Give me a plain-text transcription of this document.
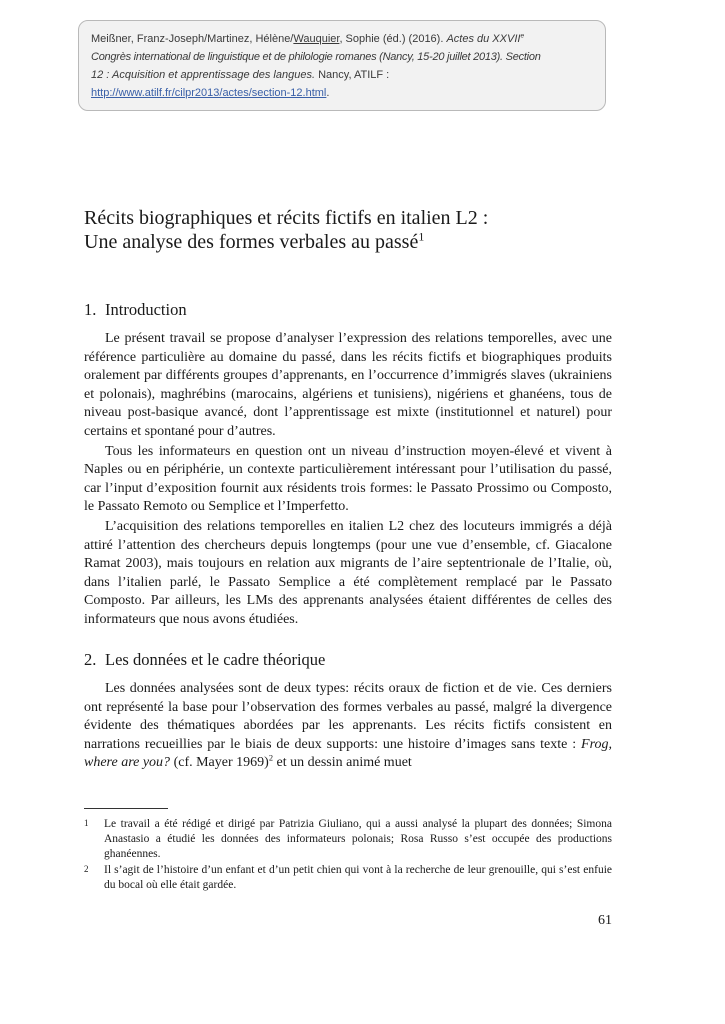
Meißner, Franz-Joseph/Martinez, Hélène/Wauquier, Sophie (éd.) (2016). Actes du XXVIIe
Congrès international de linguistique et de philologie romanes (Nancy, 15-20 juillet 2013). Section
12 : Acquisition et apprentissage des langues. Nancy, ATILF :
http://www.atilf.fr/cilpr2013/actes/section-12.html.
Récits biographiques et récits fictifs en italien L2 :
Une analyse des formes verbales au passé$^1$
1. Introduction

Le présent travail se propose d’analyser l’expression des relations temporelles, avec une référence particulière au domaine du passé, dans les récits fictifs et biographiques produits oralement par différents groupes d’apprenants, en l’occurrence d’immigrés slaves (ukrainiens et polonais), maghrébins (marocains, algériens et tunisiens), nigériens et ghanéens, tous de niveau post-basique avancé, dont l’apprentissage est mixte (institutionnel et naturel) pour certains et spontané pour d’autres.

Tous les informateurs en question ont un niveau d’instruction moyen-élevé et vivent à Naples ou en périphérie, un contexte particulièrement intéressant pour l’utilisation du passé, car l’input d’exposition fournit aux résidents trois formes: le Passato Prossimo ou Composto, le Passato Remoto ou Semplice et l’Imperfetto.

L’acquisition des relations temporelles en italien L2 chez des locuteurs immigrés a déjà attiré l’attention des chercheurs depuis longtemps (pour une vue d’ensemble, cf. Giacalone Ramat 2003), mais toujours en relation aux migrants de l’aire septentrionale de l’Italie, où, dans l’italien parlé, le Passato Semplice a été complètement remplacé par le Passato Composto. Par ailleurs, les LMs des apprenants analysées étaient différentes de celles des informateurs que nous avons étudiées.

2. Les données et le cadre théorique

Les données analysées sont de deux types: récits oraux de fiction et de vie. Ces derniers ont représenté la base pour l’observation des formes verbales au passé, malgré la divergence évidente des thématiques abordées par les apprenants. Les récits fictifs consistent en narrations recueillies par le biais de deux supports: une histoire d’images sans texte : Frog, where are you? (cf. Mayer 1969)$^2$ et un dessin animé muet

1 Le travail a été rédigé et dirigé par Patrizia Giuliano, qui a aussi analysé la plupart des données; Simona Anastasio a étudié les données des informateurs polonais; Rosa Russo s’est occupée des productions ghanéennes.
2 Il s’agit de l’histoire d’un enfant et d’un petit chien qui vont à la recherche de leur grenouille, qui s’est enfuie du bocal où elle était gardée.
61
